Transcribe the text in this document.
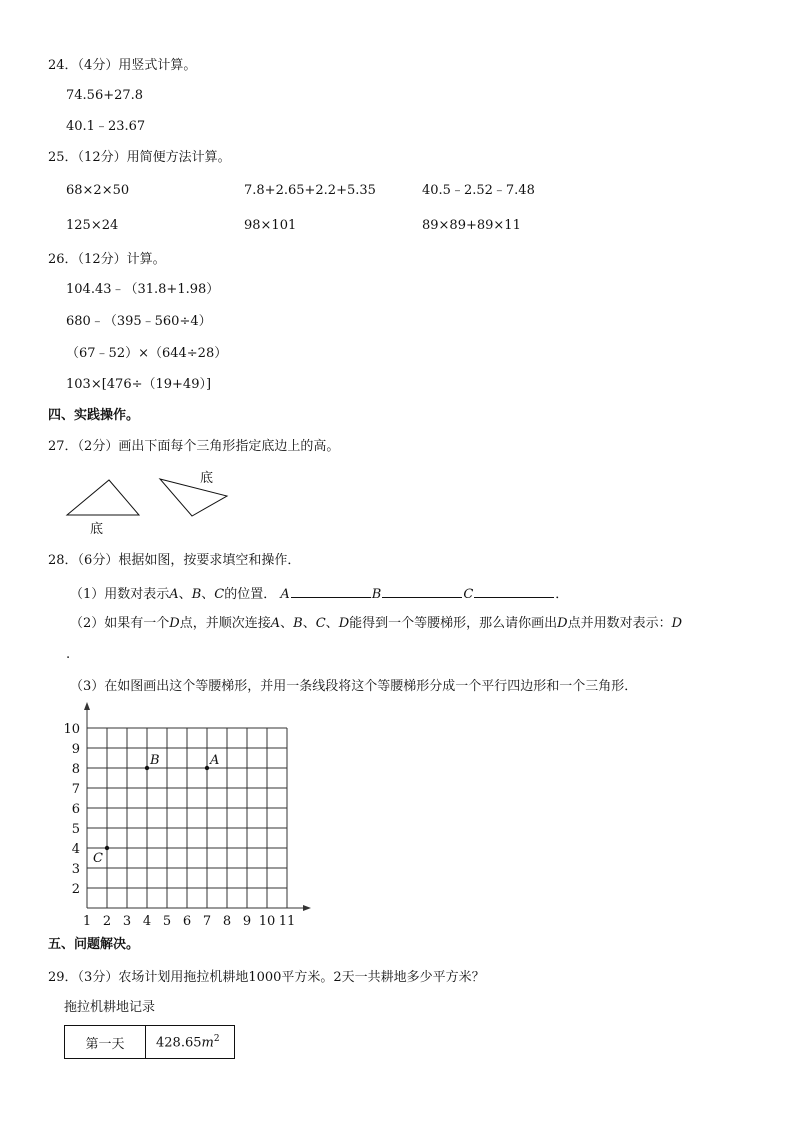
24．（4分）用竖式计算。
74.56+27.8
40.1﹣23.67
25．（12分）用简便方法计算。
68×2×50	7.8+2.65+2.2+5.35	40.5﹣2.52﹣7.48
125×24	98×101	89×89+89×11
26．（12分）计算。
104.43﹣（31.8+1.98）
680﹣（395﹣560÷4）
（67﹣52）×（644÷28）
103×[476÷（19+49）]
四、实践操作。
27．（2分）画出下面每个三角形指定底边上的高。
底
底
28．（6分）根据如图，按要求填空和操作．
（1）用数对表示A、B、C的位置． A	B	C	．
（2）如果有一个D点，并顺次连接A、B、C、D能得到一个等腰梯形，那么请你画出D点并用数对表示：D
.
（3）在如图画出这个等腰梯形，并用一条线段将这个等腰梯形分成一个平行四边形和一个三角形．
1 2 3 4 5 6 7 8 9 10 11
2
3
4
5
6
7
8
9
10
A
B
C
五、问题解决。
29．（3分）农场计划用拖拉机耕地1000平方米。2天一共耕地多少平方米？
拖拉机耕地记录
第一天	$428.65m^2$
